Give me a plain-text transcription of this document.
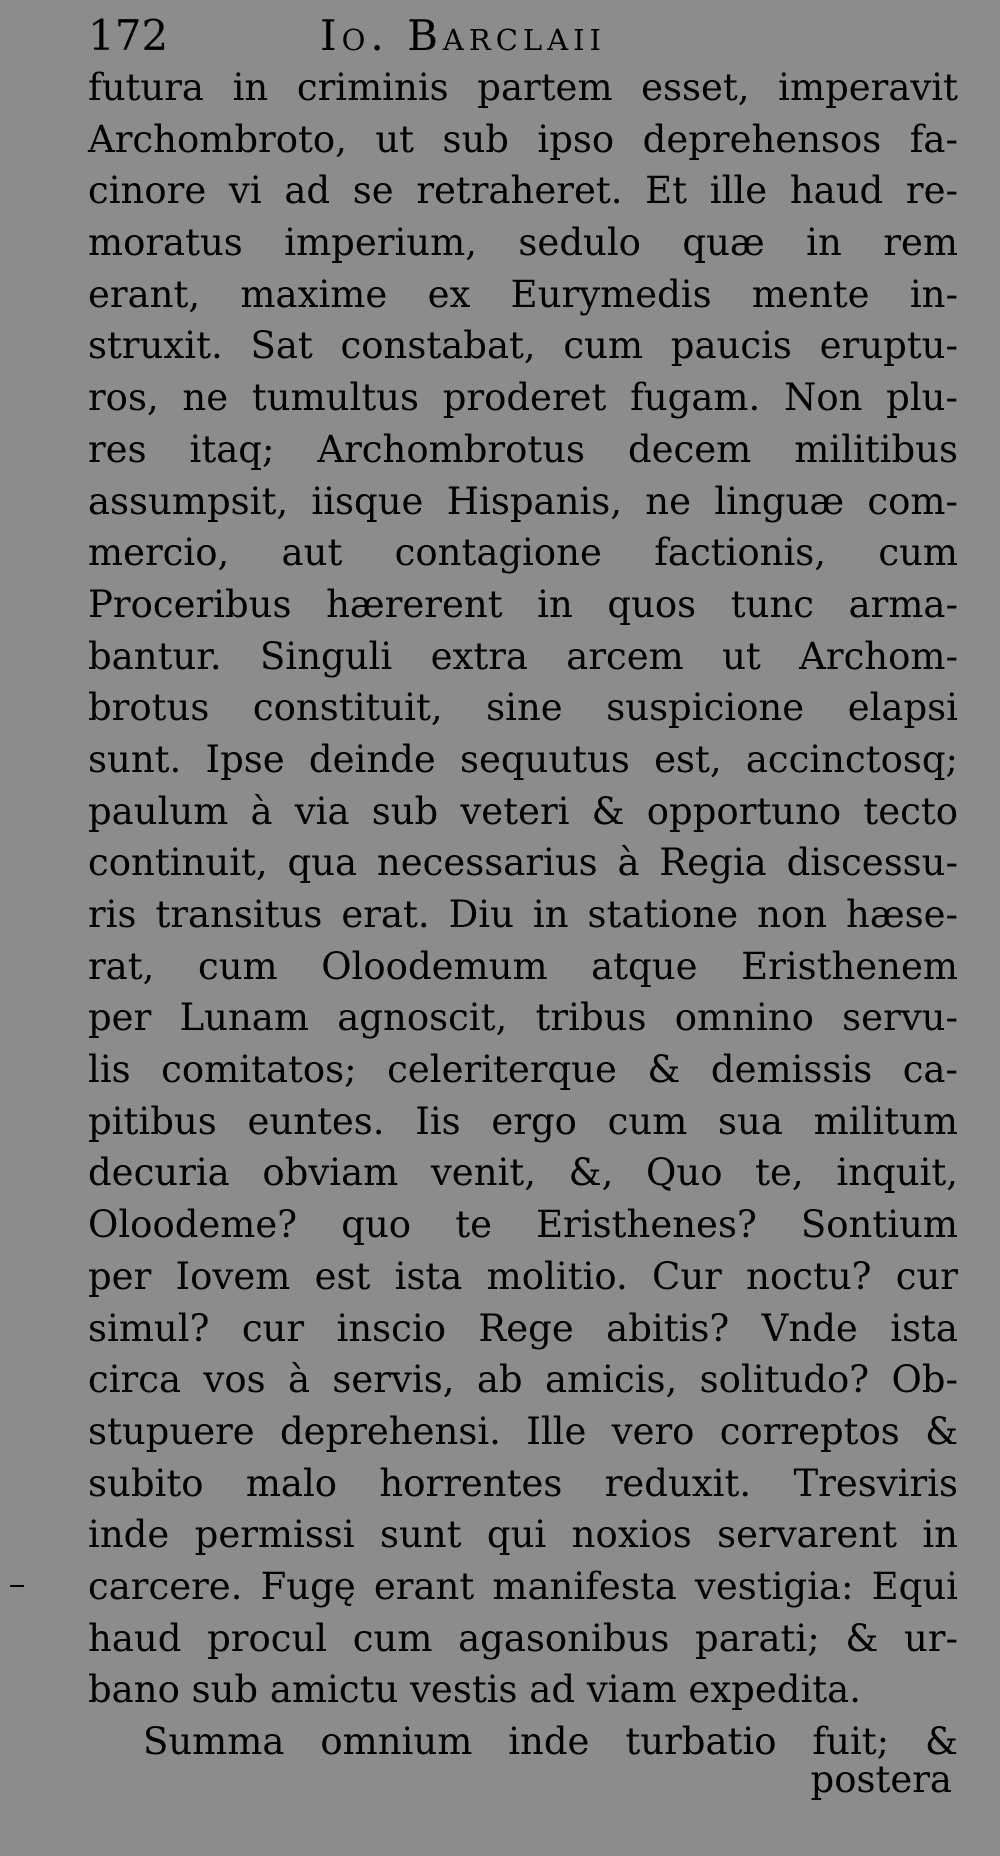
172	Io. Barclaii
futura in criminis partem esset, imperavit
Archombroto, ut sub ipso deprehensos fa-
cinore vi ad se retraheret. Et ille haud re-
moratus imperium, sedulo quæ in rem
erant, maxime ex Eurymedis mente in-
struxit. Sat constabat, cum paucis eruptu-
ros, ne tumultus proderet fugam. Non plu-
res itaq; Archombrotus decem militibus
assumpsit, iisque Hispanis, ne linguæ com-
mercio, aut contagione factionis, cum
Proceribus hærerent in quos tunc arma-
bantur. Singuli extra arcem ut Archom-
brotus constituit, sine suspicione elapsi
sunt. Ipse deinde sequutus est, accinctosq;
paulum à via sub veteri & opportuno tecto
continuit, qua necessarius à Regia discessu-
ris transitus erat. Diu in statione non hæse-
rat, cum Oloodemum atque Eristhenem
per Lunam agnoscit, tribus omnino servu-
lis comitatos; celeriterque & demissis ca-
pitibus euntes. Iis ergo cum sua militum
decuria obviam venit, &, Quo te, inquit,
Oloodeme? quo te Eristhenes? Sontium
per Iovem est ista molitio. Cur noctu? cur
simul? cur inscio Rege abitis? Vnde ista
circa vos à servis, ab amicis, solitudo? Ob-
stupuere deprehensi. Ille vero correptos &
subito malo horrentes reduxit. Tresviris
inde permissi sunt qui noxios servarent in
carcere. Fugę erant manifesta vestigia: Equi
haud procul cum agasonibus parati; & ur-
bano sub amictu vestis ad viam expedita.
Summa omnium inde turbatio fuit; &
postera
